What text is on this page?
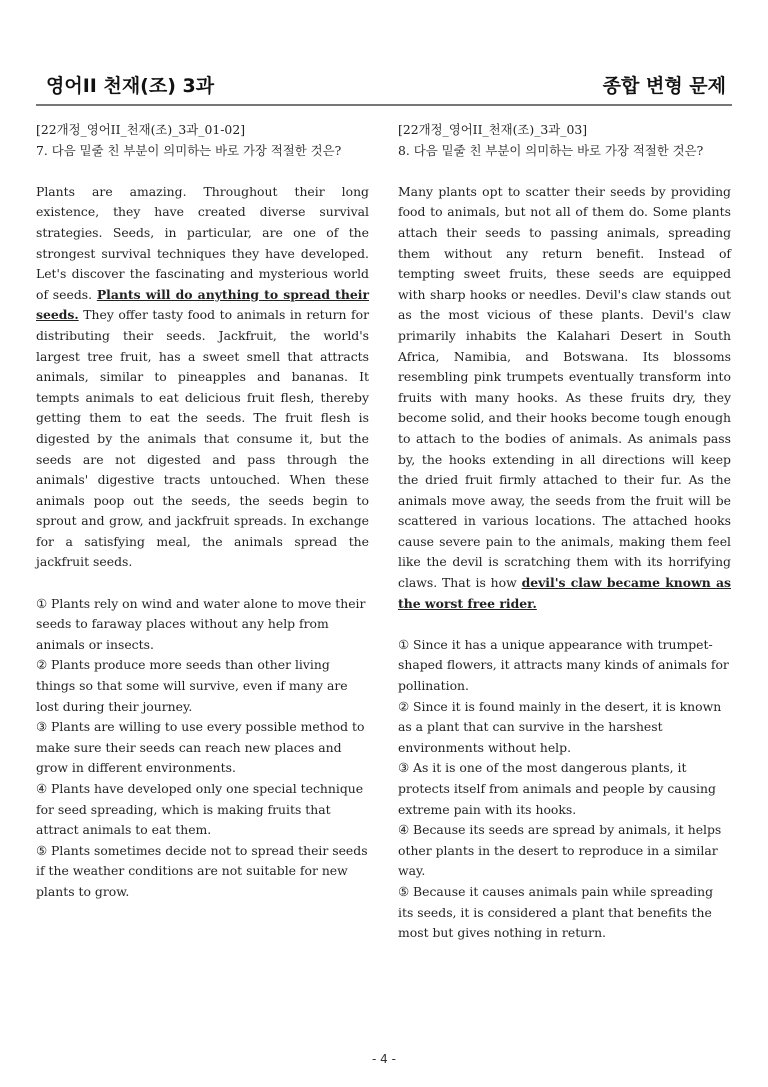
영어II 천재(조) 3과	종합 변형 문제
[22개정_영어II_천재(조)_3과_01-02]
7. 다음 밑줄 친 부분이 의미하는 바로 가장 적절한 것은?
Plants are amazing. Throughout their long existence, they have created diverse survival strategies. Seeds, in particular, are one of the strongest survival techniques they have developed. Let's discover the fascinating and mysterious world of seeds. Plants will do anything to spread their seeds. They offer tasty food to animals in return for distributing their seeds. Jackfruit, the world's largest tree fruit, has a sweet smell that attracts animals, similar to pineapples and bananas. It tempts animals to eat delicious fruit flesh, thereby getting them to eat the seeds. The fruit flesh is digested by the animals that consume it, but the seeds are not digested and pass through the animals' digestive tracts untouched. When these animals poop out the seeds, the seeds begin to sprout and grow, and jackfruit spreads. In exchange for a satisfying meal, the animals spread the jackfruit seeds.
① Plants rely on wind and water alone to move their seeds to faraway places without any help from animals or insects.
② Plants produce more seeds than other living things so that some will survive, even if many are lost during their journey.
③ Plants are willing to use every possible method to make sure their seeds can reach new places and grow in different environments.
④ Plants have developed only one special technique for seed spreading, which is making fruits that attract animals to eat them.
⑤ Plants sometimes decide not to spread their seeds if the weather conditions are not suitable for new plants to grow.
[22개정_영어II_천재(조)_3과_03]
8. 다음 밑줄 친 부분이 의미하는 바로 가장 적절한 것은?
Many plants opt to scatter their seeds by providing food to animals, but not all of them do. Some plants attach their seeds to passing animals, spreading them without any return benefit. Instead of tempting sweet fruits, these seeds are equipped with sharp hooks or needles. Devil's claw stands out as the most vicious of these plants. Devil's claw primarily inhabits the Kalahari Desert in South Africa, Namibia, and Botswana. Its blossoms resembling pink trumpets eventually transform into fruits with many hooks. As these fruits dry, they become solid, and their hooks become tough enough to attach to the bodies of animals. As animals pass by, the hooks extending in all directions will keep the dried fruit firmly attached to their fur. As the animals move away, the seeds from the fruit will be scattered in various locations. The attached hooks cause severe pain to the animals, making them feel like the devil is scratching them with its horrifying claws. That is how devil's claw became known as the worst free rider.
① Since it has a unique appearance with trumpet-shaped flowers, it attracts many kinds of animals for pollination.
② Since it is found mainly in the desert, it is known as a plant that can survive in the harshest environments without help.
③ As it is one of the most dangerous plants, it protects itself from animals and people by causing extreme pain with its hooks.
④ Because its seeds are spread by animals, it helps other plants in the desert to reproduce in a similar way.
⑤ Because it causes animals pain while spreading its seeds, it is considered a plant that benefits the most but gives nothing in return.
- 4 -
